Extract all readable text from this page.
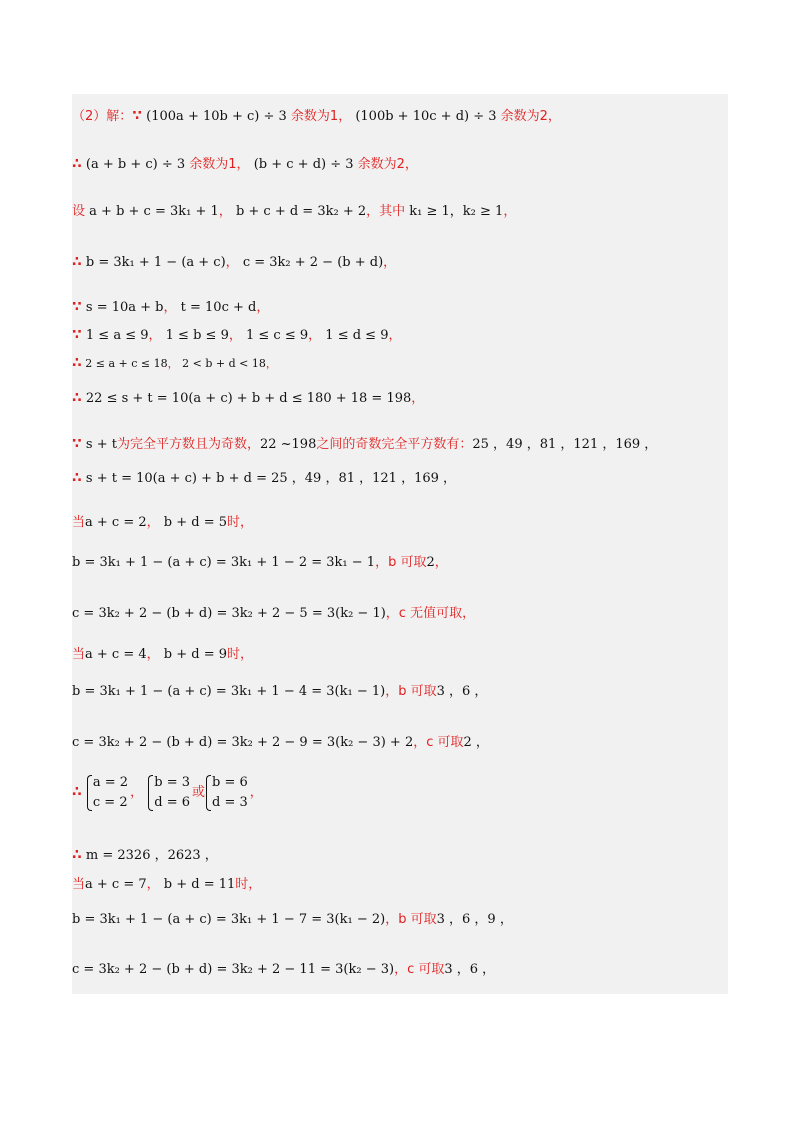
（2）解：∵ (100a + 10b + c) ÷ 3 余数为1， (100b + 10c + d) ÷ 3 余数为2，
∴ (a + b + c) ÷ 3 余数为1， (b + c + d) ÷ 3 余数为2，
设 a + b + c = 3k₁ + 1， b + c + d = 3k₂ + 2，其中 k₁ ≥ 1，k₂ ≥ 1，
∴ b = 3k₁ + 1 − (a + c)， c = 3k₂ + 2 − (b + d)，
∵ s = 10a + b， t = 10c + d，
∵ 1 ≤ a ≤ 9， 1 ≤ b ≤ 9， 1 ≤ c ≤ 9， 1 ≤ d ≤ 9，
∴ 2 ≤ a + c ≤ 18， 2 < b + d < 18，
∴ 22 ≤ s + t = 10(a + c) + b + d ≤ 180 + 18 = 198，
∵ s + t为完全平方数且为奇数，22 ~198之间的奇数完全平方数有：25 ，49 ，81 ，121 ，169 ，
∴ s + t = 10(a + c) + b + d = 25 ，49 ，81 ，121 ，169 ，
当a + c = 2， b + d = 5时，
b = 3k₁ + 1 − (a + c) = 3k₁ + 1 − 2 = 3k₁ − 1，b 可取2，
c = 3k₂ + 2 − (b + d) = 3k₂ + 2 − 5 = 3(k₂ − 1)，c 无值可取，
当a + c = 4， b + d = 9时，
b = 3k₁ + 1 − (a + c) = 3k₁ + 1 − 4 = 3(k₁ − 1)，b 可取3 ，6 ，
c = 3k₂ + 2 − (b + d) = 3k₂ + 2 − 9 = 3(k₂ − 3) + 2，c 可取2 ，
∴
a = 2
c = 2
，
b = 3
d = 6
或
b = 6
d = 3
，
∴ m = 2326 ，2623 ，
当a + c = 7， b + d = 11时，
b = 3k₁ + 1 − (a + c) = 3k₁ + 1 − 7 = 3(k₁ − 2)，b 可取3 ，6 ，9 ，
c = 3k₂ + 2 − (b + d) = 3k₂ + 2 − 11 = 3(k₂ − 3)，c 可取3 ，6 ，
